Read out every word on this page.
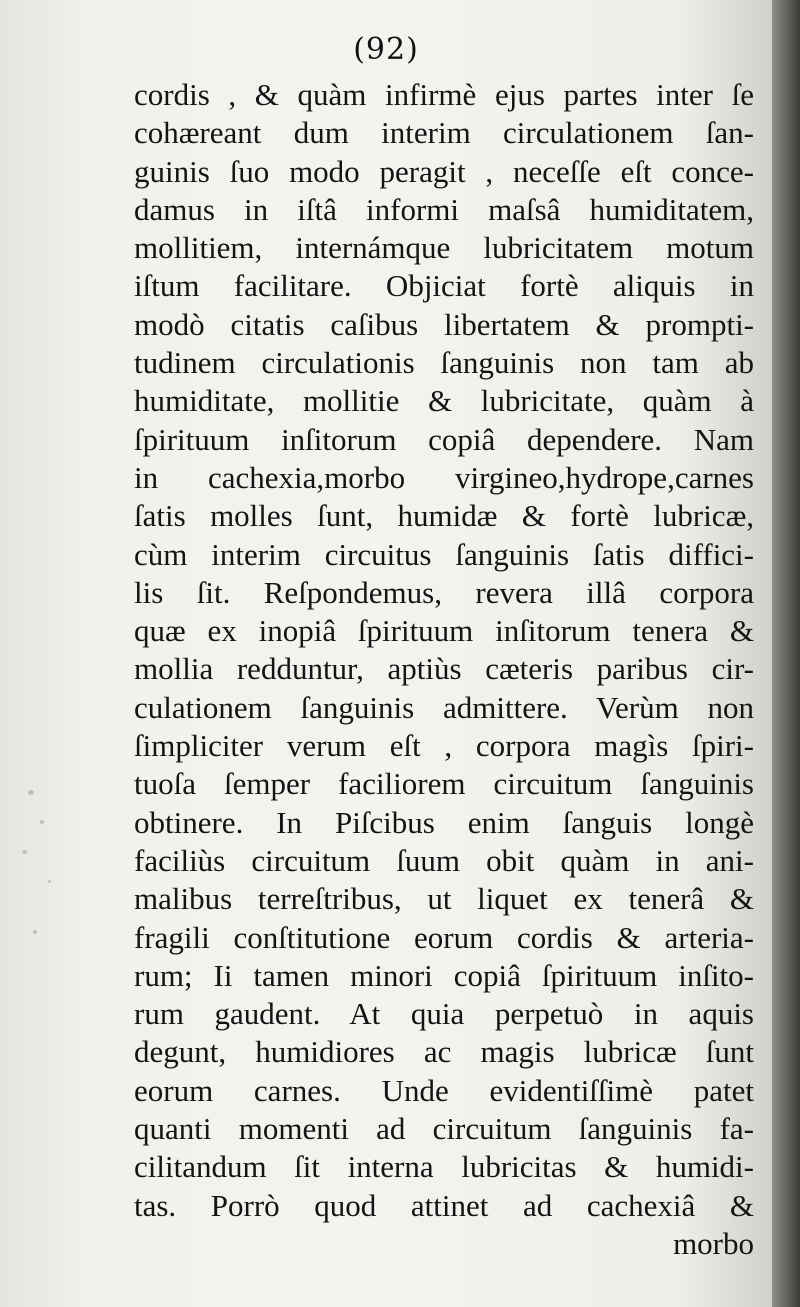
(92)
cordis , & quàm infirmè ejus partes inter ſe
cohæreant dum interim circulationem ſan-
guinis ſuo modo peragit , neceſſe eſt conce-
damus in iſtâ informi maſsâ humiditatem,
mollitiem, internámque lubricitatem motum
iſtum facilitare. Objiciat fortè aliquis in
modò citatis caſibus libertatem & prompti-
tudinem circulationis ſanguinis non tam ab
humiditate, mollitie & lubricitate, quàm à
ſpirituum inſitorum copiâ dependere. Nam
in cachexia,morbo virgineo,hydrope,carnes
ſatis molles ſunt, humidæ & fortè lubricæ,
cùm interim circuitus ſanguinis ſatis diffici-
lis ſit. Reſpondemus, revera illâ corpora
quæ ex inopiâ ſpirituum inſitorum tenera &
mollia redduntur, aptiùs cæteris paribus cir-
culationem ſanguinis admittere. Verùm non
ſimpliciter verum eſt , corpora magìs ſpiri-
tuoſa ſemper faciliorem circuitum ſanguinis
obtinere. In Piſcibus enim ſanguis longè
faciliùs circuitum ſuum obit quàm in ani-
malibus terreſtribus, ut liquet ex tenerâ &
fragili conſtitutione eorum cordis & arteria-
rum; Ii tamen minori copiâ ſpirituum inſito-
rum gaudent. At quia perpetuò in aquis
degunt, humidiores ac magis lubricæ ſunt
eorum carnes. Unde evidentiſſimè patet
quanti momenti ad circuitum ſanguinis fa-
cilitandum ſit interna lubricitas & humidi-
tas. Porrò quod attinet ad cachexiâ &
morbo
